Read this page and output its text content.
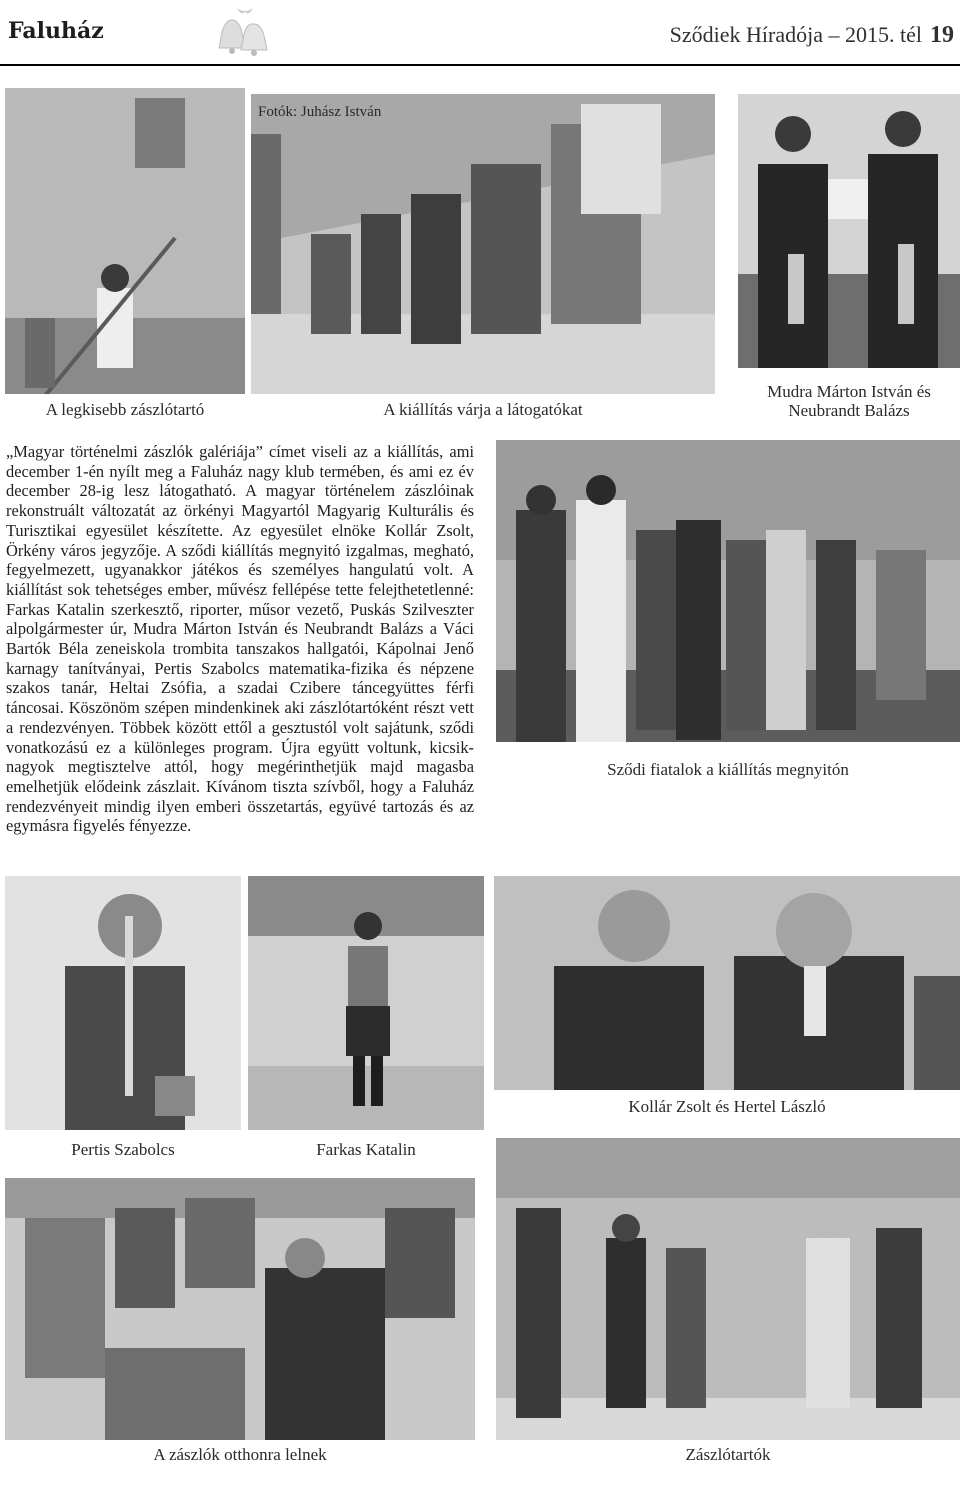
Faluház	Sződiek Híradója – 2015. tél 19
Fotók: Juhász István
A legkisebb zászlótartó	A kiállítás várja a látogatókat
Mudra Márton István és
Neubrandt Balázs
„Magyar történelmi zászlók galériája” címet viseli az a kiállítás, ami december 1-én nyílt meg a Faluház nagy klub termében, és ami ez év december 28-ig lesz látogatható. A magyar történelem zászlóinak rekonstruált változatát az örkényi Magyartól Magyarig Kulturális és Turisztikai egyesület készítette. Az egyesület elnöke Kollár Zsolt, Örkény város jegyzője. A sződi kiállítás megnyitó izgalmas, megható, fegyelmezett, ugyanakkor játékos és személyes hangulatú volt. A kiállítást sok tehetséges ember, művész fellépése tette felejthetetlenné: Farkas Katalin szerkesztő, riporter, műsor vezető, Puskás Szilveszter alpolgármester úr, Mudra Márton István és Neubrandt Balázs a Váci Bartók Béla zeneiskola trombita tanszakos hallgatói, Kápolnai Jenő karnagy tanítványai, Pertis Szabolcs matematika-fizika és népzene szakos tanár, Heltai Zsófia, a szadai Czibere táncegyüttes férfi táncosai. Köszönöm szépen mindenkinek aki zászlótartóként részt vett a rendezvényen. Többek között ettől a gesztustól volt sajátunk, sződi vonatkozású ez a különleges program. Újra együtt voltunk, kicsik-nagyok megtisztelve attól, hogy megérinthetjük majd magasba emelhetjük elődeink zászlait. Kívánom tiszta szívből, hogy a Faluház rendezvényeit mindig ilyen emberi összetartás, együvé tartozás és az egymásra figyelés fényezze.
Sződi fiatalok a kiállítás megnyitón
Kollár Zsolt és Hertel László
Pertis Szabolcs	Farkas Katalin
A zászlók otthonra lelnek	Zászlótartók
